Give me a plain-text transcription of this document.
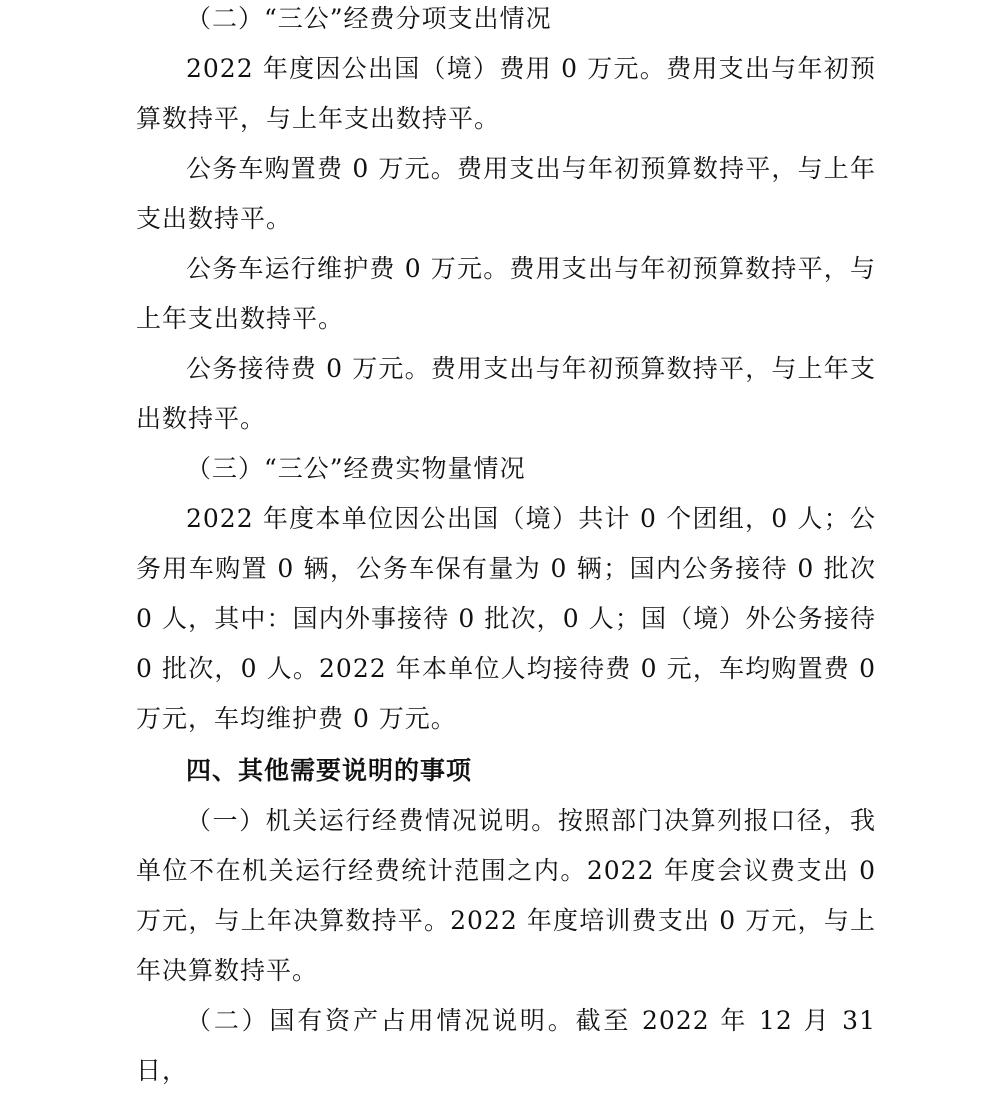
（二）“三公”经费分项支出情况

2022 年度因公出国（境）费用 0 万元。费用支出与年初预算数持平，与上年支出数持平。

公务车购置费 0 万元。费用支出与年初预算数持平，与上年支出数持平。

公务车运行维护费 0 万元。费用支出与年初预算数持平，与上年支出数持平。

公务接待费 0 万元。费用支出与年初预算数持平，与上年支出数持平。

（三）“三公”经费实物量情况

2022 年度本单位因公出国（境）共计 0 个团组，0 人；公务用车购置 0 辆，公务车保有量为 0 辆；国内公务接待 0 批次 0 人，其中：国内外事接待 0 批次，0 人；国（境）外公务接待 0 批次，0 人。2022 年本单位人均接待费 0 元，车均购置费 0 万元，车均维护费 0 万元。

四、其他需要说明的事项

（一）机关运行经费情况说明。按照部门决算列报口径，我单位不在机关运行经费统计范围之内。2022 年度会议费支出 0 万元，与上年决算数持平。2022 年度培训费支出 0 万元，与上年决算数持平。

（二）国有资产占用情况说明。截至 2022 年 12 月 31 日，
